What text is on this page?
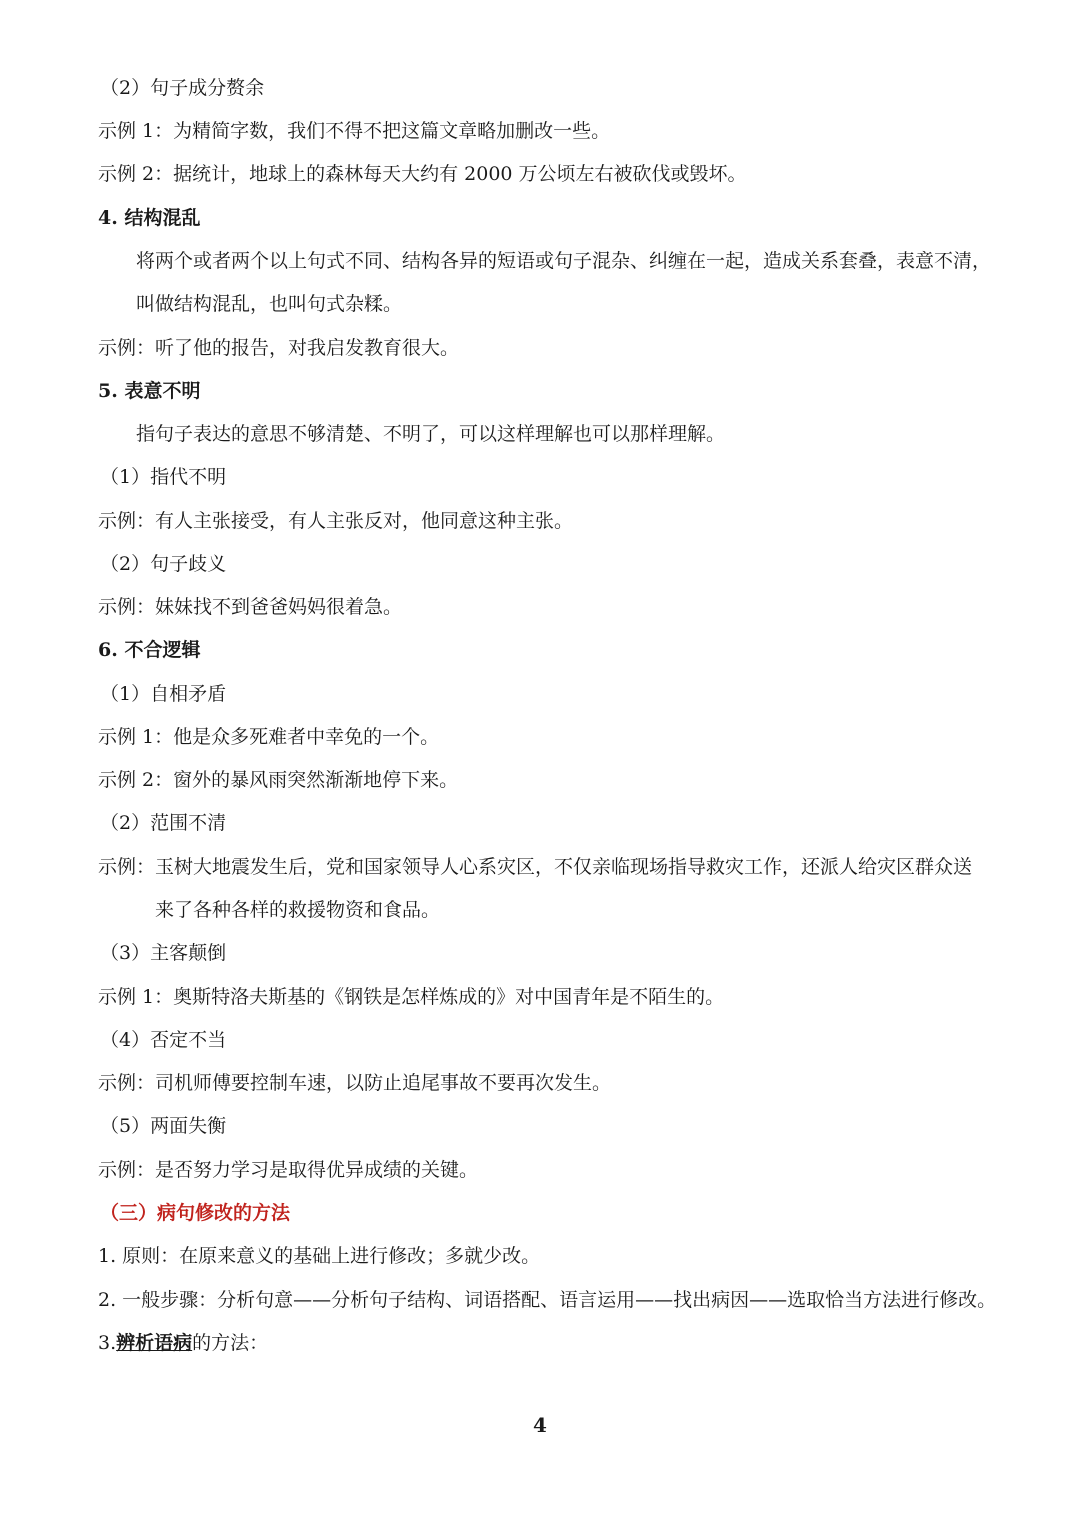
（2）句子成分赘余
示例 1：为精简字数，我们不得不把这篇文章略加删改一些。
示例 2：据统计，地球上的森林每天大约有 2000 万公顷左右被砍伐或毁坏。
4. 结构混乱
将两个或者两个以上句式不同、结构各异的短语或句子混杂、纠缠在一起，造成关系套叠，表意不清，
叫做结构混乱，也叫句式杂糅。
示例：听了他的报告，对我启发教育很大。
5. 表意不明
指句子表达的意思不够清楚、不明了，可以这样理解也可以那样理解。
（1）指代不明
示例：有人主张接受，有人主张反对，他同意这种主张。
（2）句子歧义
示例：妹妹找不到爸爸妈妈很着急。
6. 不合逻辑
（1）自相矛盾
示例 1：他是众多死难者中幸免的一个。
示例 2：窗外的暴风雨突然渐渐地停下来。
（2）范围不清
示例：玉树大地震发生后，党和国家领导人心系灾区，不仅亲临现场指导救灾工作，还派人给灾区群众送
来了各种各样的救援物资和食品。
（3）主客颠倒
示例 1：奥斯特洛夫斯基的《钢铁是怎样炼成的》对中国青年是不陌生的。
（4）否定不当
示例：司机师傅要控制车速，以防止追尾事故不要再次发生。
（5）两面失衡
示例：是否努力学习是取得优异成绩的关键。
（三）病句修改的方法
1. 原则：在原来意义的基础上进行修改；多就少改。
2. 一般步骤：分析句意——分析句子结构、词语搭配、语言运用——找出病因——选取恰当方法进行修改。
3.辨析语病的方法：
4
